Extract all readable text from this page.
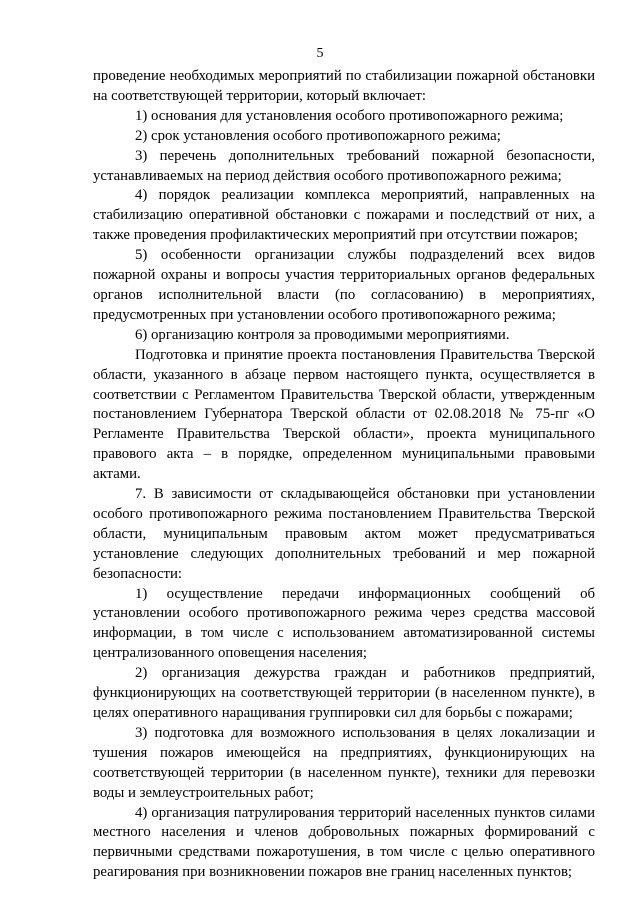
5

проведение необходимых мероприятий по стабилизации пожарной обстановки на соответствующей территории, который включает:

1) основания для установления особого противопожарного режима;

2) срок установления особого противопожарного режима;

3) перечень дополнительных требований пожарной безопасности, устанавливаемых на период действия особого противопожарного режима;

4) порядок реализации комплекса мероприятий, направленных на стабилизацию оперативной обстановки с пожарами и последствий от них, а также проведения профилактических мероприятий при отсутствии пожаров;

5) особенности организации службы подразделений всех видов пожарной охраны и вопросы участия территориальных органов федеральных органов исполнительной власти (по согласованию) в мероприятиях, предусмотренных при установлении особого противопожарного режима;

6) организацию контроля за проводимыми мероприятиями.

Подготовка и принятие проекта постановления Правительства Тверской области, указанного в абзаце первом настоящего пункта, осуществляется в соответствии с Регламентом Правительства Тверской области, утвержденным постановлением Губернатора Тверской области от 02.08.2018 № 75-пг «О Регламенте Правительства Тверской области», проекта муниципального правового акта – в порядке, определенном муниципальными правовыми актами.

7. В зависимости от складывающейся обстановки при установлении особого противопожарного режима постановлением Правительства Тверской области, муниципальным правовым актом может предусматриваться установление следующих дополнительных требований и мер пожарной безопасности:

1) осуществление передачи информационных сообщений об установлении особого противопожарного режима через средства массовой информации, в том числе с использованием автоматизированной системы централизованного оповещения населения;

2) организация дежурства граждан и работников предприятий, функционирующих на соответствующей территории (в населенном пункте), в целях оперативного наращивания группировки сил для борьбы с пожарами;

3) подготовка для возможного использования в целях локализации и тушения пожаров имеющейся на предприятиях, функционирующих на соответствующей территории (в населенном пункте), техники для перевозки воды и землеустроительных работ;

4) организация патрулирования территорий населенных пунктов силами местного населения и членов добровольных пожарных формирований с первичными средствами пожаротушения, в том числе с целью оперативного реагирования при возникновении пожаров вне границ населенных пунктов;
